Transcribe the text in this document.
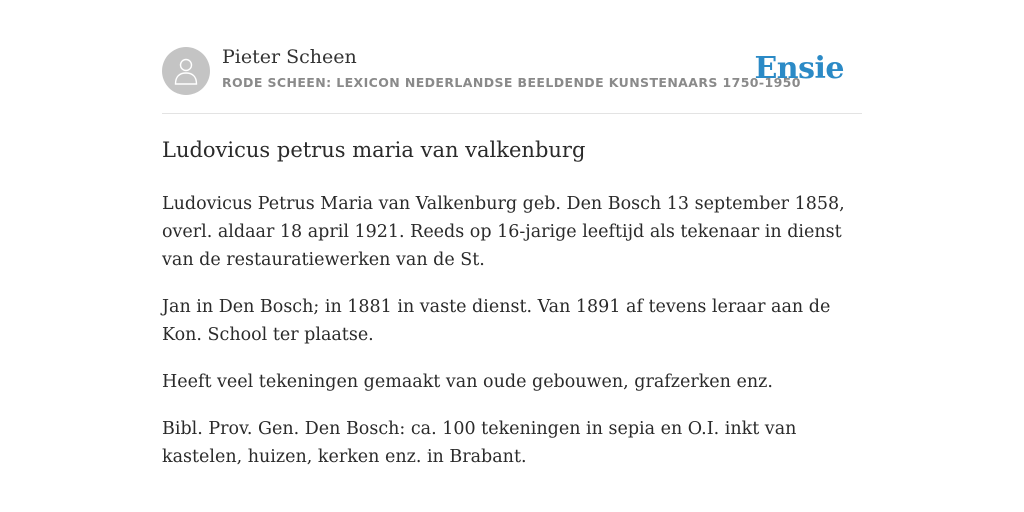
Pieter Scheen
RODE SCHEEN: LEXICON NEDERLANDSE BEELDENDE KUNSTENAARS 1750-1950
Ensie
Ludovicus petrus maria van valkenburg

Ludovicus Petrus Maria van Valkenburg geb. Den Bosch 13 september 1858, overl. aldaar 18 april 1921. Reeds op 16-jarige leeftijd als tekenaar in dienst van de restauratiewerken van de St.

Jan in Den Bosch; in 1881 in vaste dienst. Van 1891 af tevens leraar aan de Kon. School ter plaatse.

Heeft veel tekeningen gemaakt van oude gebouwen, grafzerken enz.

Bibl. Prov. Gen. Den Bosch: ca. 100 tekeningen in sepia en O.I. inkt van kastelen, huizen, kerken enz. in Brabant.
